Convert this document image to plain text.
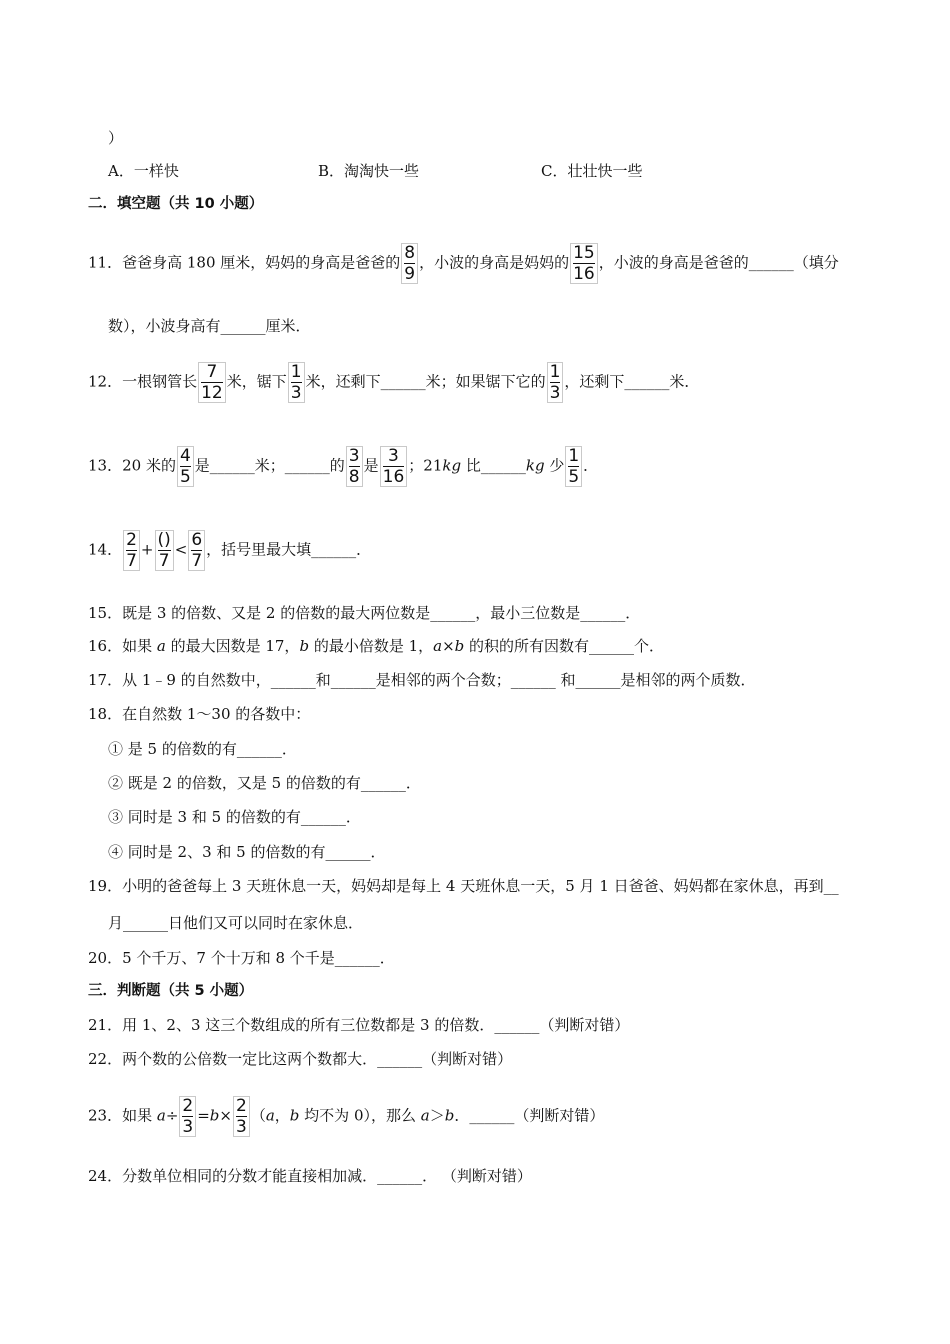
）
A．一样快	B．淘淘快一些	C．壮壮快一些
二．填空题（共 10 小题）
11．爸爸身高 180 厘米，妈妈的身高是爸爸的 $\frac{8}{9}$ ，小波的身高是妈妈的 $\frac{15}{16}$ ，小波的身高是爸爸的______（填分
数），小波身高有______厘米．
12．一根钢管长 $\frac{7}{12}$ 米，锯下 $\frac{1}{3}$ 米，还剩下______米；如果锯下它的 $\frac{1}{3}$ ，还剩下______米．
13．20 米的 $\frac{4}{5}$ 是______米；______的 $\frac{3}{8}$ 是 $\frac{3}{16}$ ；21kg 比______kg 少 $\frac{1}{5}$ ．
14． $\frac{2}{7}$ + ()
7
< $\frac{6}{7}$ ，括号里最大填______．
15．既是 3 的倍数、又是 2 的倍数的最大两位数是______，最小三位数是______．
16．如果 a 的最大因数是 17，b 的最小倍数是 1，a×b 的积的所有因数有______个．
17．从 1﹣9 的自然数中，______和______是相邻的两个合数；______ 和______是相邻的两个质数．
18．在自然数 1～30 的各数中：
① 是 5 的倍数的有______．
② 既是 2 的倍数，又是 5 的倍数的有______．
③ 同时是 3 和 5 的倍数的有______．
④ 同时是 2、3 和 5 的倍数的有______．
19．小明的爸爸每上 3 天班休息一天，妈妈却是每上 4 天班休息一天，5 月 1 日爸爸、妈妈都在家休息，再到__
月______日他们又可以同时在家休息．
20．5 个千万、7 个十万和 8 个千是______．
三．判断题（共 5 小题）
21．用 1、2、3 这三个数组成的所有三位数都是 3 的倍数．______（判断对错）
22．两个数的公倍数一定比这两个数都大．______（判断对错）
23．如果 $a\div \frac{2}{3} =b\times \frac{2}{3} (a$，b 均不为 0），那么 a＞b．______（判断对错）
24．分数单位相同的分数才能直接相加减．______． （判断对错）
